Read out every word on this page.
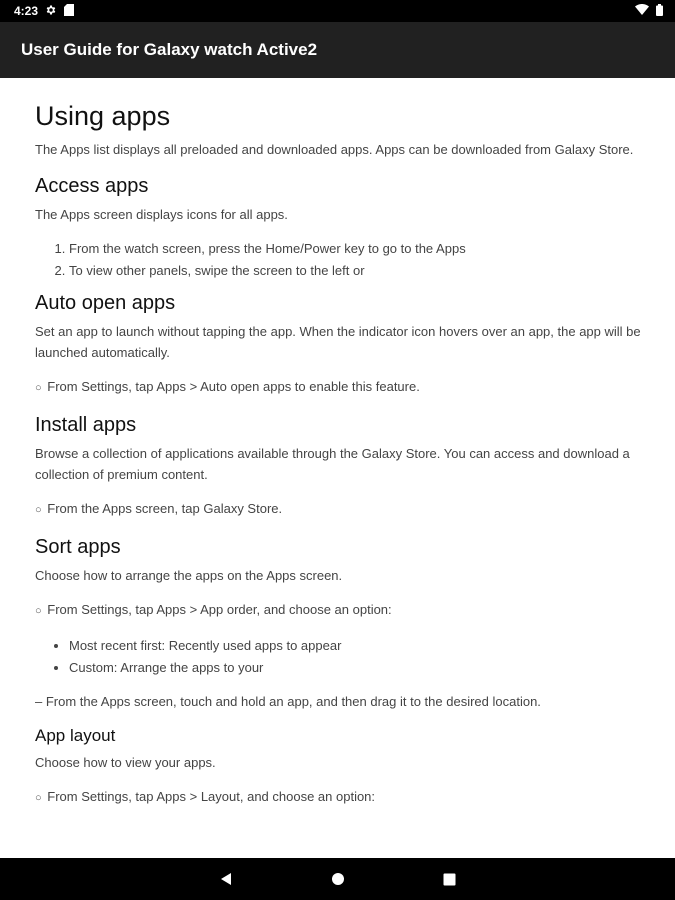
4:23
User Guide for Galaxy watch Active2
Using apps

The Apps list displays all preloaded and downloaded apps. Apps can be downloaded from Galaxy Store.

Access apps

The Apps screen displays icons for all apps.

1. From the watch screen, press the Home/Power key to go to the Apps
2. To view other panels, swipe the screen to the left or
Auto open apps

Set an app to launch without tapping the app. When the indicator icon hovers over an app, the app will be launched automatically.

○ From Settings, tap Apps > Auto open apps to enable this feature.
Install apps

Browse a collection of applications available through the Galaxy Store. You can access and download a collection of premium content.

○ From the Apps screen, tap Galaxy Store.
Sort apps

Choose how to arrange the apps on the Apps screen.

○ From Settings, tap Apps > App order, and choose an option:
• Most recent first: Recently used apps to appear
• Custom: Arrange the apps to your
– From the Apps screen, touch and hold an app, and then drag it to the desired location.
App layout

Choose how to view your apps.

○ From Settings, tap Apps > Layout, and choose an option:
